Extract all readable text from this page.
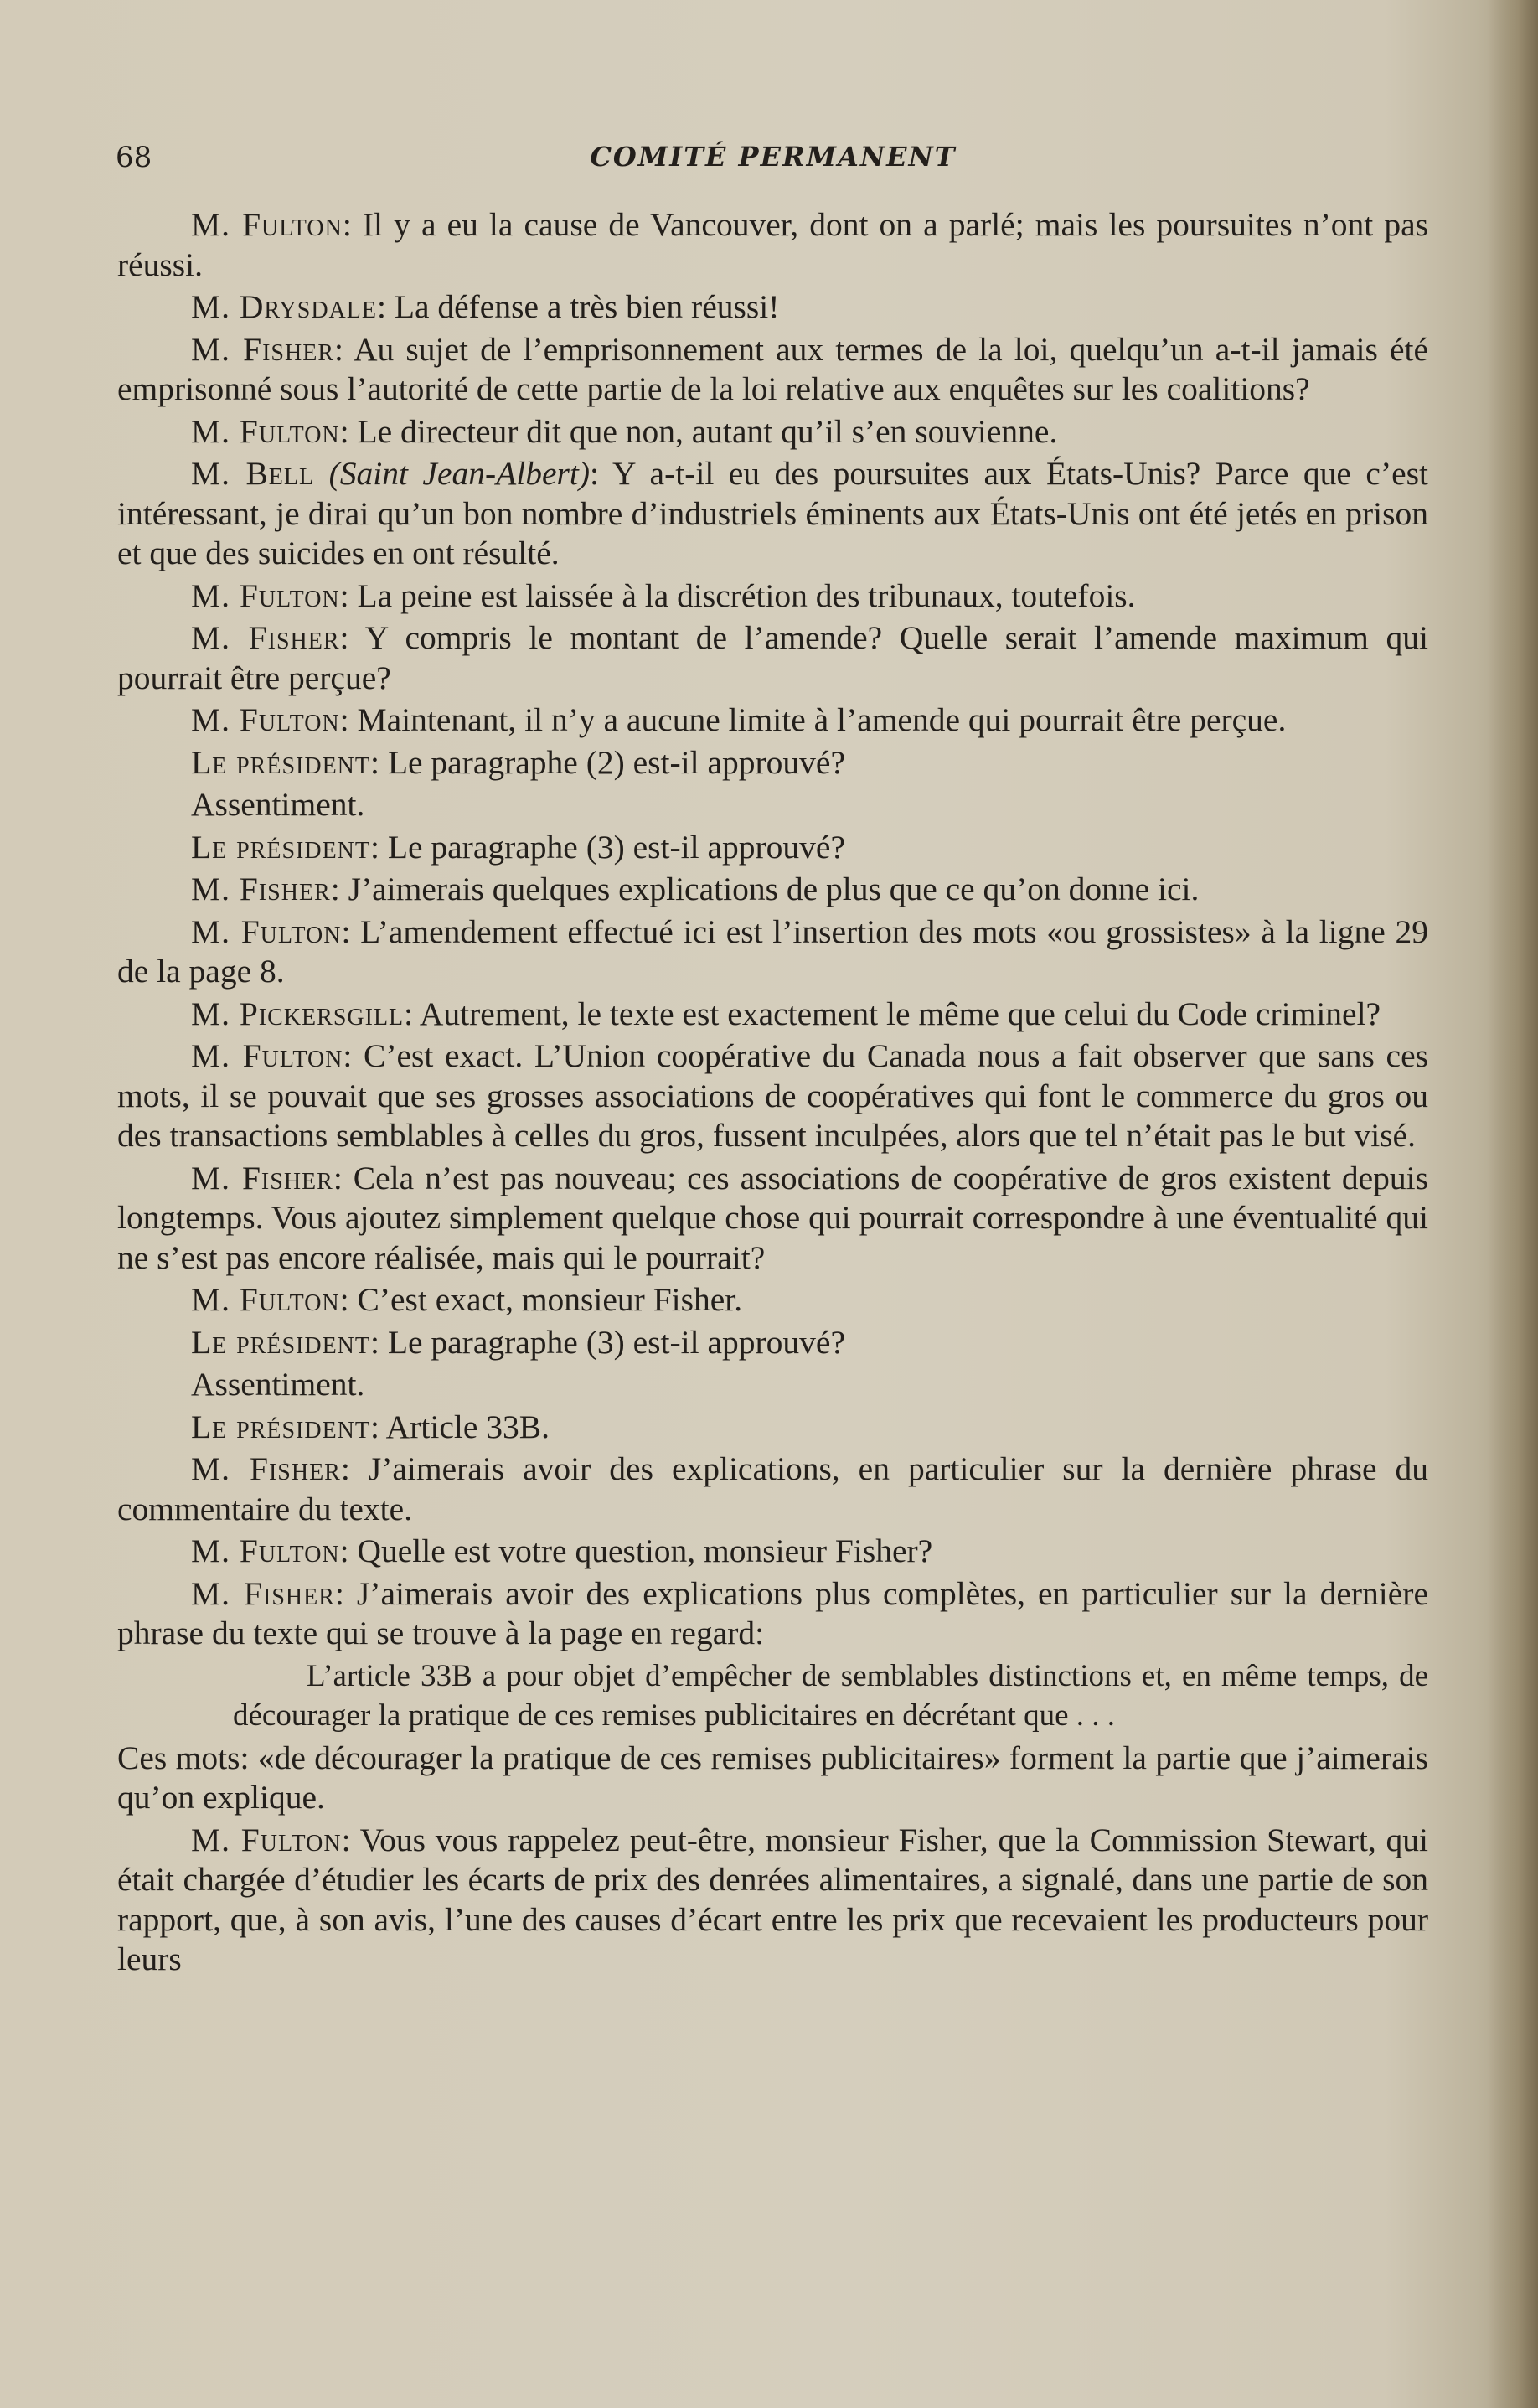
68	COMITÉ PERMANENT

M. Fulton: Il y a eu la cause de Vancouver, dont on a parlé; mais les poursuites n’ont pas réussi.

M. Drysdale: La défense a très bien réussi!

M. Fisher: Au sujet de l’emprisonnement aux termes de la loi, quelqu’un a-t-il jamais été emprisonné sous l’autorité de cette partie de la loi relative aux enquêtes sur les coalitions?

M. Fulton: Le directeur dit que non, autant qu’il s’en souvienne.

M. Bell (Saint Jean-Albert): Y a-t-il eu des poursuites aux États-Unis? Parce que c’est intéressant, je dirai qu’un bon nombre d’industriels éminents aux États-Unis ont été jetés en prison et que des suicides en ont résulté.

M. Fulton: La peine est laissée à la discrétion des tribunaux, toutefois.

M. Fisher: Y compris le montant de l’amende? Quelle serait l’amende maximum qui pourrait être perçue?

M. Fulton: Maintenant, il n’y a aucune limite à l’amende qui pourrait être perçue.

Le président: Le paragraphe (2) est-il approuvé?

Assentiment.

Le président: Le paragraphe (3) est-il approuvé?

M. Fisher: J’aimerais quelques explications de plus que ce qu’on donne ici.

M. Fulton: L’amendement effectué ici est l’insertion des mots «ou grossistes» à la ligne 29 de la page 8.

M. Pickersgill: Autrement, le texte est exactement le même que celui du Code criminel?

M. Fulton: C’est exact. L’Union coopérative du Canada nous a fait observer que sans ces mots, il se pouvait que ses grosses associations de coopératives qui font le commerce du gros ou des transactions semblables à celles du gros, fussent inculpées, alors que tel n’était pas le but visé.

M. Fisher: Cela n’est pas nouveau; ces associations de coopérative de gros existent depuis longtemps. Vous ajoutez simplement quelque chose qui pourrait correspondre à une éventualité qui ne s’est pas encore réalisée, mais qui le pourrait?

M. Fulton: C’est exact, monsieur Fisher.

Le président: Le paragraphe (3) est-il approuvé?

Assentiment.

Le président: Article 33B.

M. Fisher: J’aimerais avoir des explications, en particulier sur la dernière phrase du commentaire du texte.

M. Fulton: Quelle est votre question, monsieur Fisher?

M. Fisher: J’aimerais avoir des explications plus complètes, en particulier sur la dernière phrase du texte qui se trouve à la page en regard:

L’article 33B a pour objet d’empêcher de semblables distinctions et, en même temps, de décourager la pratique de ces remises publicitaires en décrétant que . . .

Ces mots: «de décourager la pratique de ces remises publicitaires» forment la partie que j’aimerais qu’on explique.

M. Fulton: Vous vous rappelez peut-être, monsieur Fisher, que la Commission Stewart, qui était chargée d’étudier les écarts de prix des denrées alimentaires, a signalé, dans une partie de son rapport, que, à son avis, l’une des causes d’écart entre les prix que recevaient les producteurs pour leurs
